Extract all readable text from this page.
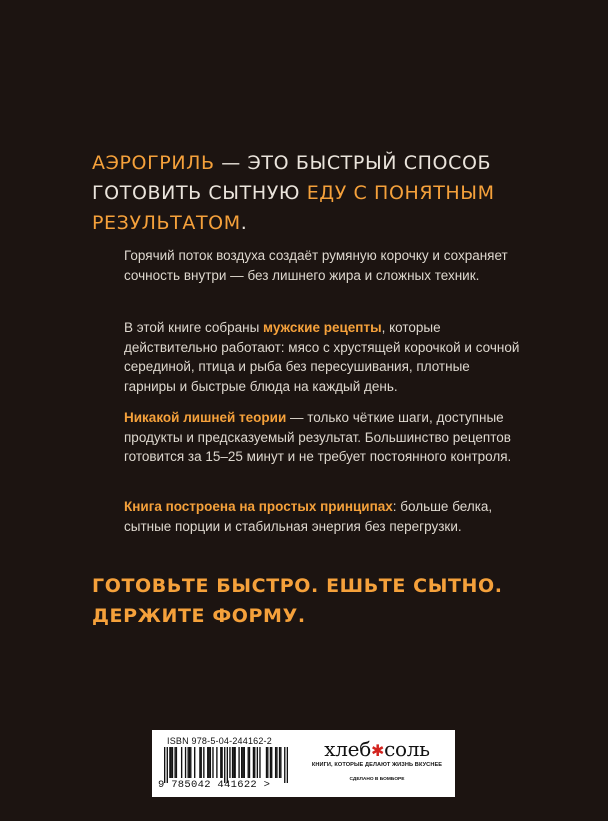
АЭРОГРИЛЬ — ЭТО БЫСТРЫЙ СПОСОБ ГОТОВИТЬ СЫТНУЮ ЕДУ С ПОНЯТНЫМ РЕЗУЛЬТАТОМ.

Горячий поток воздуха создаёт румяную корочку и сохраняет сочность внутри — без лишнего жира и сложных техник.

В этой книге собраны мужские рецепты, которые действительно работают: мясо с хрустящей корочкой и сочной серединой, птица и рыба без пересушивания, плотные гарниры и быстрые блюда на каждый день.

Никакой лишней теории — только чёткие шаги, доступные продукты и предсказуемый результат. Большинство рецептов готовится за 15–25 минут и не требует постоянного контроля.

Книга построена на простых принципах: больше белка, сытные порции и стабильная энергия без перегрузки.

ГОТОВЬТЕ БЫСТРО. ЕШЬТЕ СЫТНО. ДЕРЖИТЕ ФОРМУ.
ISBN 978-5-04-244162-2
9 785042 441622 >
хлеб✱соль
КНИГИ, КОТОРЫЕ ДЕЛАЮТ ЖИЗНЬ ВКУСНЕЕ
СДЕЛАНО В БОМБОРЕ
